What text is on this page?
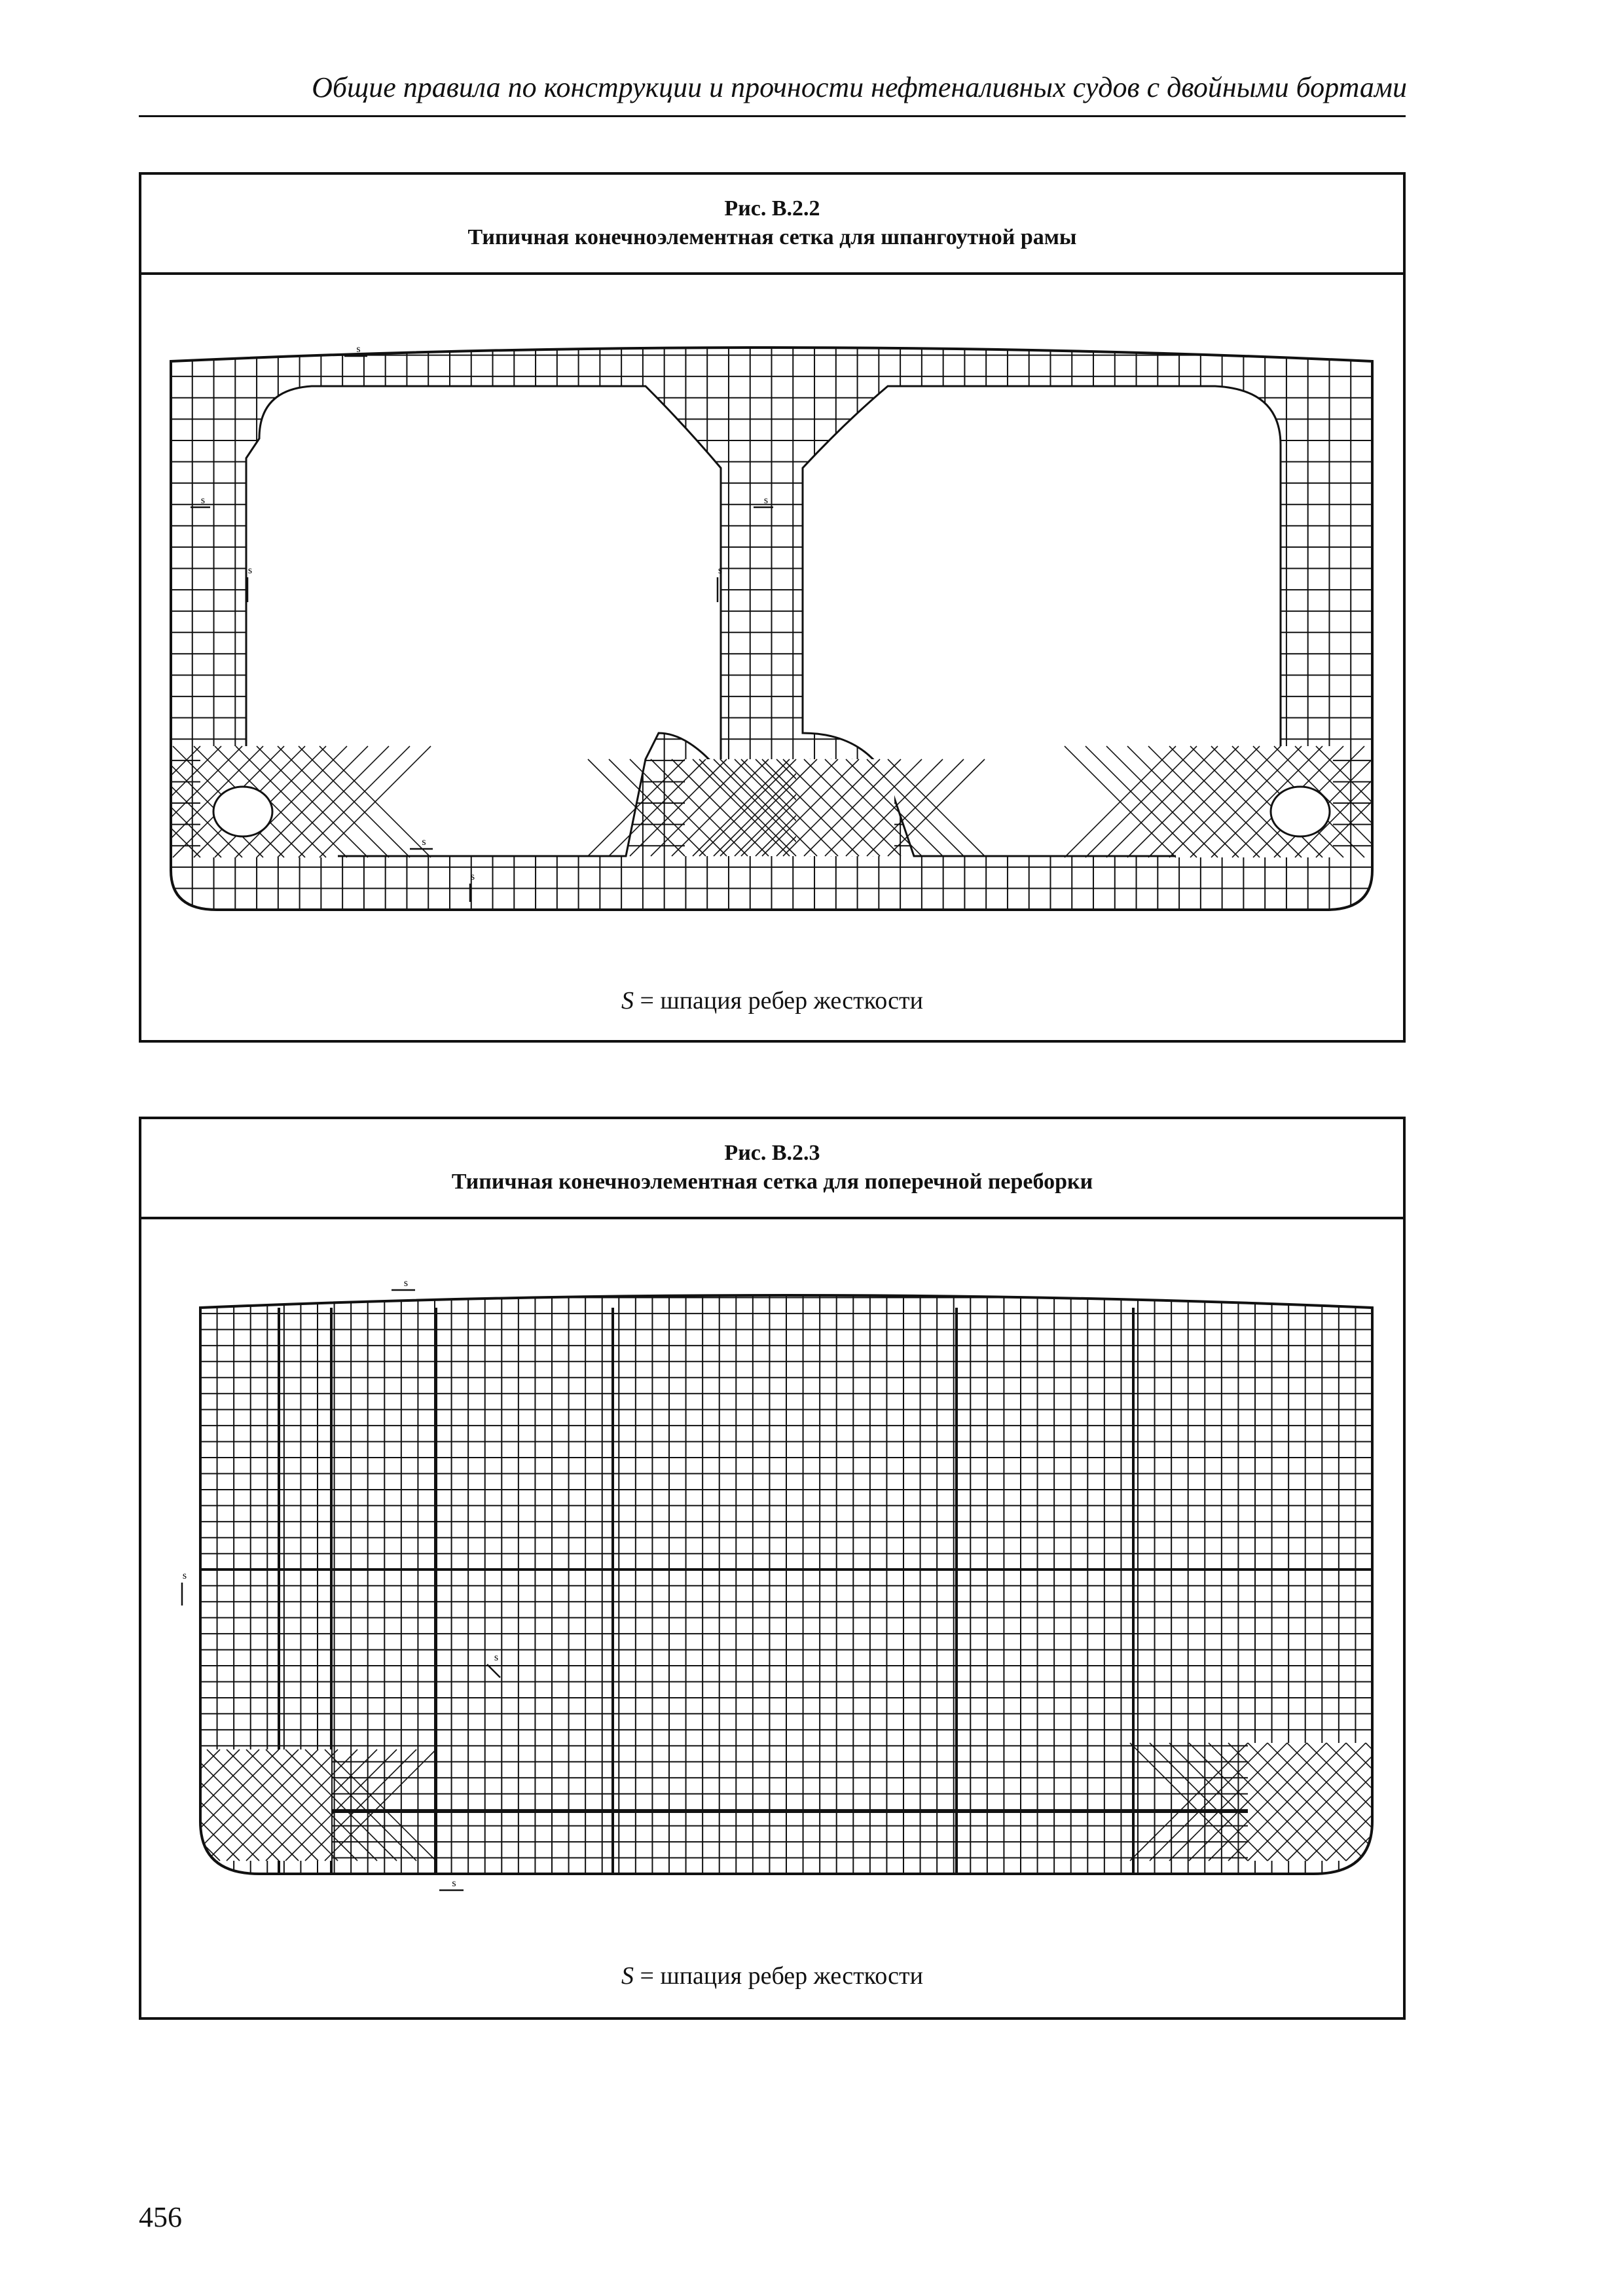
Общие правила по конструкции и прочности нефтеналивных судов с двойными бортами
Рис. В.2.2
Типичная конечноэлементная сетка для шпангоутной рамы
s
s	s
s	s
s
s
S = шпация ребер жесткости
Рис. В.2.3
Типичная конечноэлементная сетка для поперечной переборки
s
s
s
s
S = шпация ребер жесткости
456
